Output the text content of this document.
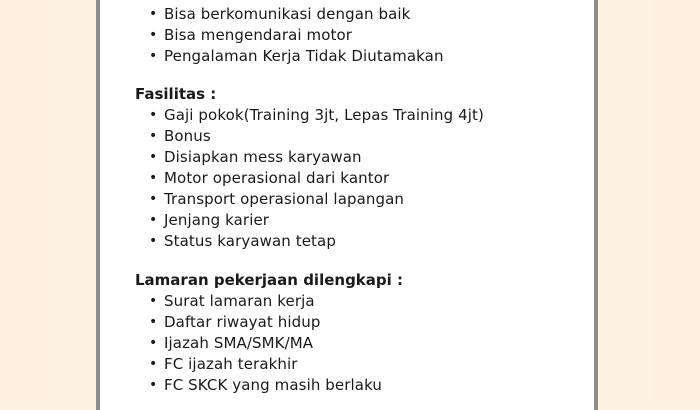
• Bisa berkomunikasi dengan baik
• Bisa mengendarai motor
• Pengalaman Kerja Tidak Diutamakan
Fasilitas :
• Gaji pokok(Training 3jt, Lepas Training 4jt)
• Bonus
• Disiapkan mess karyawan
• Motor operasional dari kantor
• Transport operasional lapangan
• Jenjang karier
• Status karyawan tetap
Lamaran pekerjaan dilengkapi :
• Surat lamaran kerja
• Daftar riwayat hidup
• Ijazah SMA/SMK/MA
• FC ijazah terakhir
• FC SKCK yang masih berlaku
